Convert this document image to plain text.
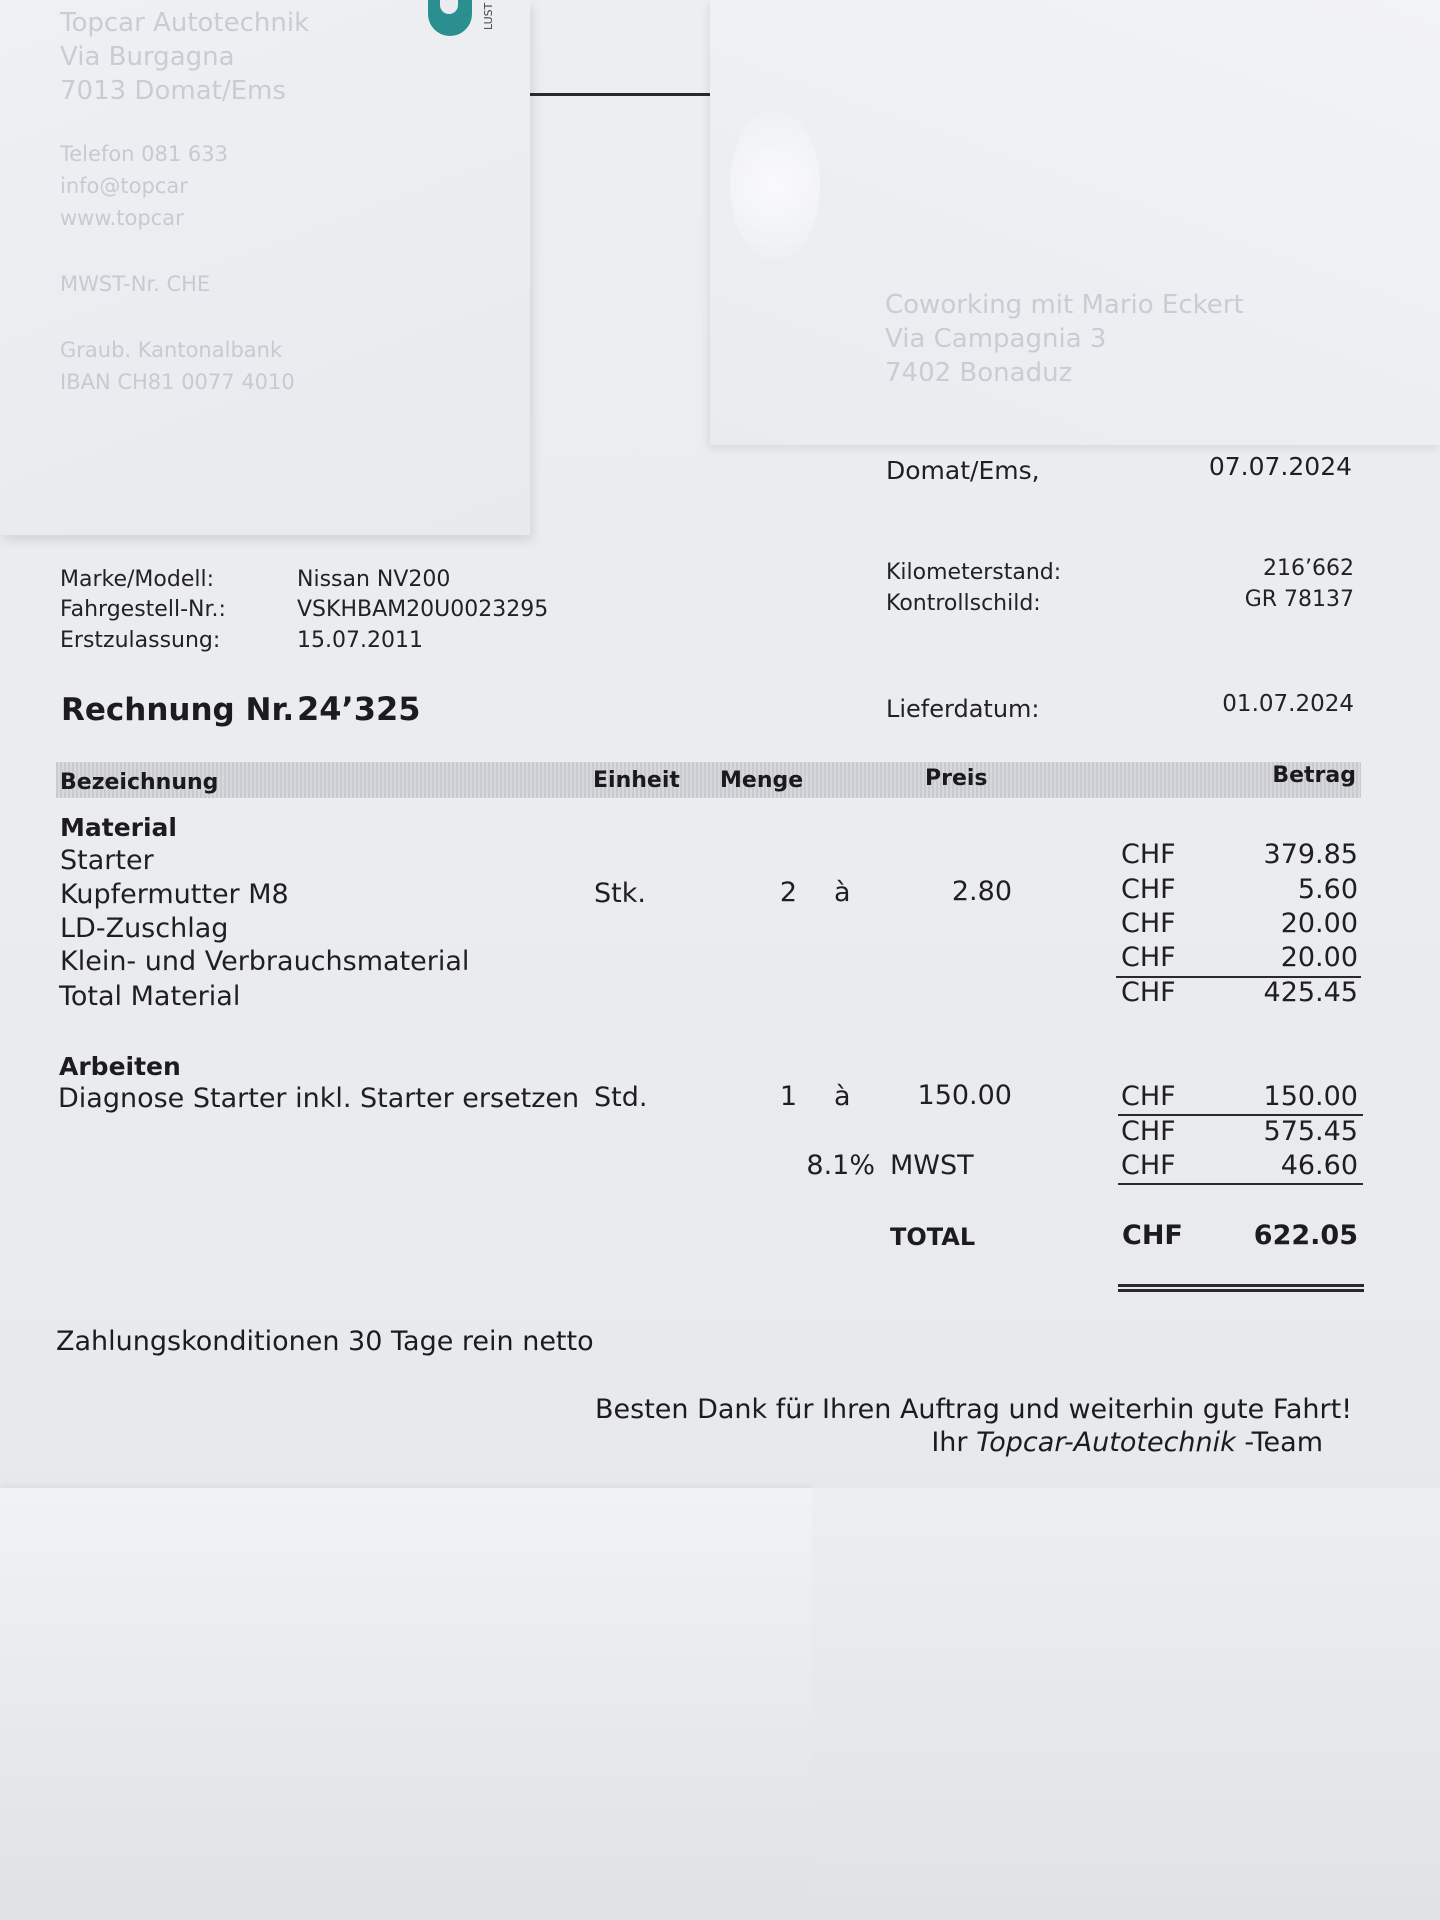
Domat/Ems,	07.07.2024
Marke/Modell:	Nissan NV200
Fahrgestell-Nr.:	VSKHBAM20U0023295
Erstzulassung:	15.07.2011
Kilometerstand:	216’662
Kontrollschild:	GR 78137
Rechnung Nr. 24’325	Lieferdatum:	01.07.2024
Bezeichnung	Einheit Menge	Preis	Betrag
Material
Starter	CHF	379.85
Kupfermutter M8	Stk.	2 à	2.80	CHF	5.60
LD-Zuschlag	CHF	20.00
Klein- und Verbrauchsmaterial	CHF	20.00
Total Material	CHF	425.45
Arbeiten
Diagnose Starter inkl. Starter ersetzen Std.	1 à 150.00	CHF	150.00
CHF	575.45
8.1% MWST	CHF	46.60
TOTAL	CHF	622.05
Zahlungskonditionen 30 Tage rein netto
Besten Dank für Ihren Auftrag und weiterhin gute Fahrt!
Ihr Topcar-Autotechnik -Team
Topcar Autotechnik
Via Burgagna
7013 Domat/Ems
Telefon 081 633
info@topcar
www.topcar
MWST-Nr. CHE
Graub. Kantonalbank
IBAN CH81 0077 4010
LUST
Coworking mit Mario Eckert
Via Campagnia 3
7402 Bonaduz
